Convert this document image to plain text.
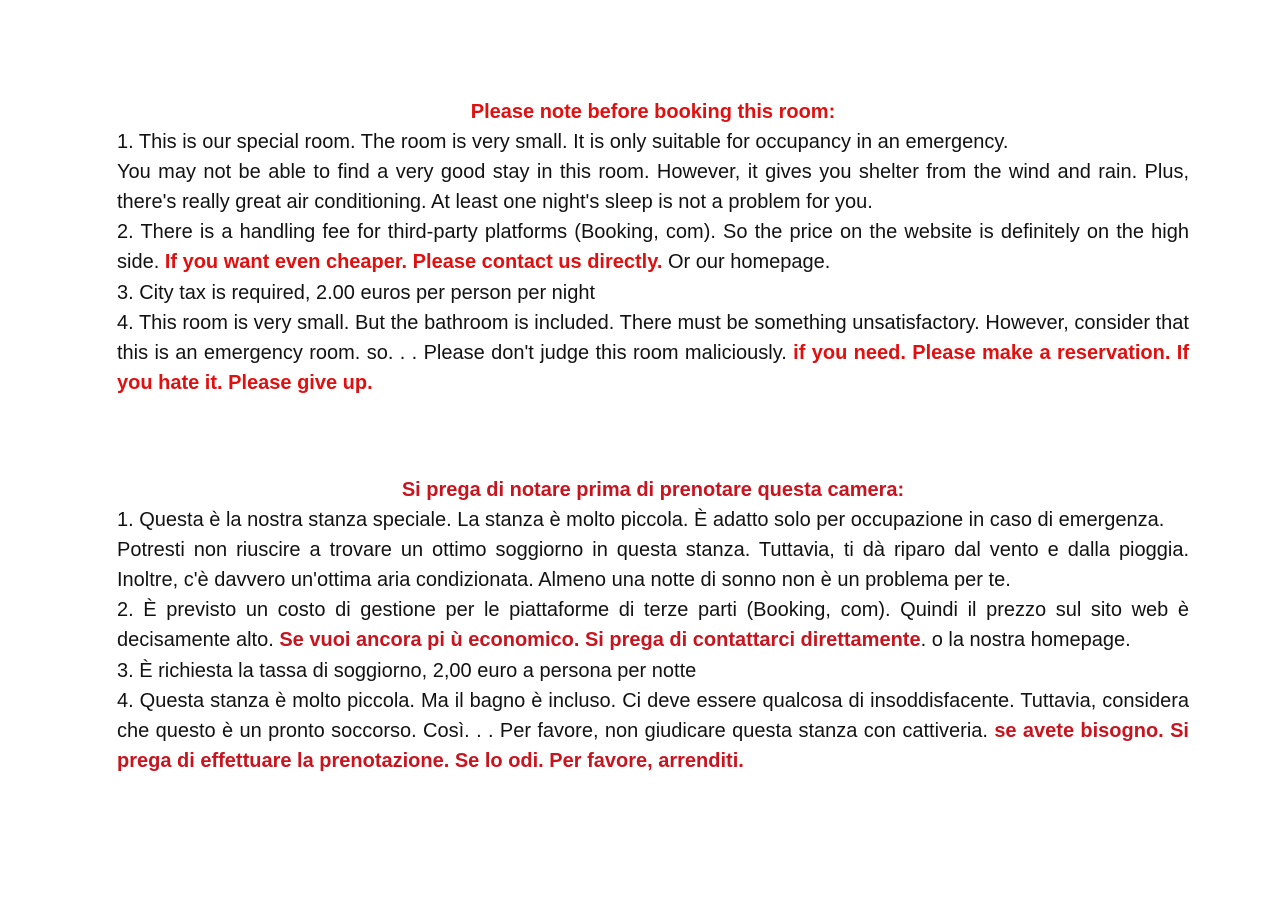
Please note before booking this room:

1. This is our special room. The room is very small. It is only suitable for occupancy in an emergency.

You may not be able to find a very good stay in this room. However, it gives you shelter from the wind and rain. Plus, there's really great air conditioning. At least one night's sleep is not a problem for you.

2. There is a handling fee for third-party platforms (Booking, com). So the price on the website is definitely on the high side. If you want even cheaper. Please contact us directly. Or our homepage.

3. City tax is required, 2.00 euros per person per night

4. This room is very small. But the bathroom is included. There must be something unsatisfactory. However, consider that this is an emergency room. so. . . Please don't judge this room maliciously. if you need. Please make a reservation. If you hate it. Please give up.

Si prega di notare prima di prenotare questa camera:

1. Questa è la nostra stanza speciale. La stanza è molto piccola. È adatto solo per occupazione in caso di emergenza.

Potresti non riuscire a trovare un ottimo soggiorno in questa stanza. Tuttavia, ti dà riparo dal vento e dalla pioggia. Inoltre, c'è davvero un'ottima aria condizionata. Almeno una notte di sonno non è un problema per te.

2. È previsto un costo di gestione per le piattaforme di terze parti (Booking, com). Quindi il prezzo sul sito web è decisamente alto. Se vuoi ancora pi ù economico. Si prega di contattarci direttamente. o la nostra homepage.

3. È richiesta la tassa di soggiorno, 2,00 euro a persona per notte

4. Questa stanza è molto piccola. Ma il bagno è incluso. Ci deve essere qualcosa di insoddisfacente. Tuttavia, considera che questo è un pronto soccorso. Così. . . Per favore, non giudicare questa stanza con cattiveria. se avete bisogno. Si prega di effettuare la prenotazione. Se lo odi. Per favore, arrenditi.
